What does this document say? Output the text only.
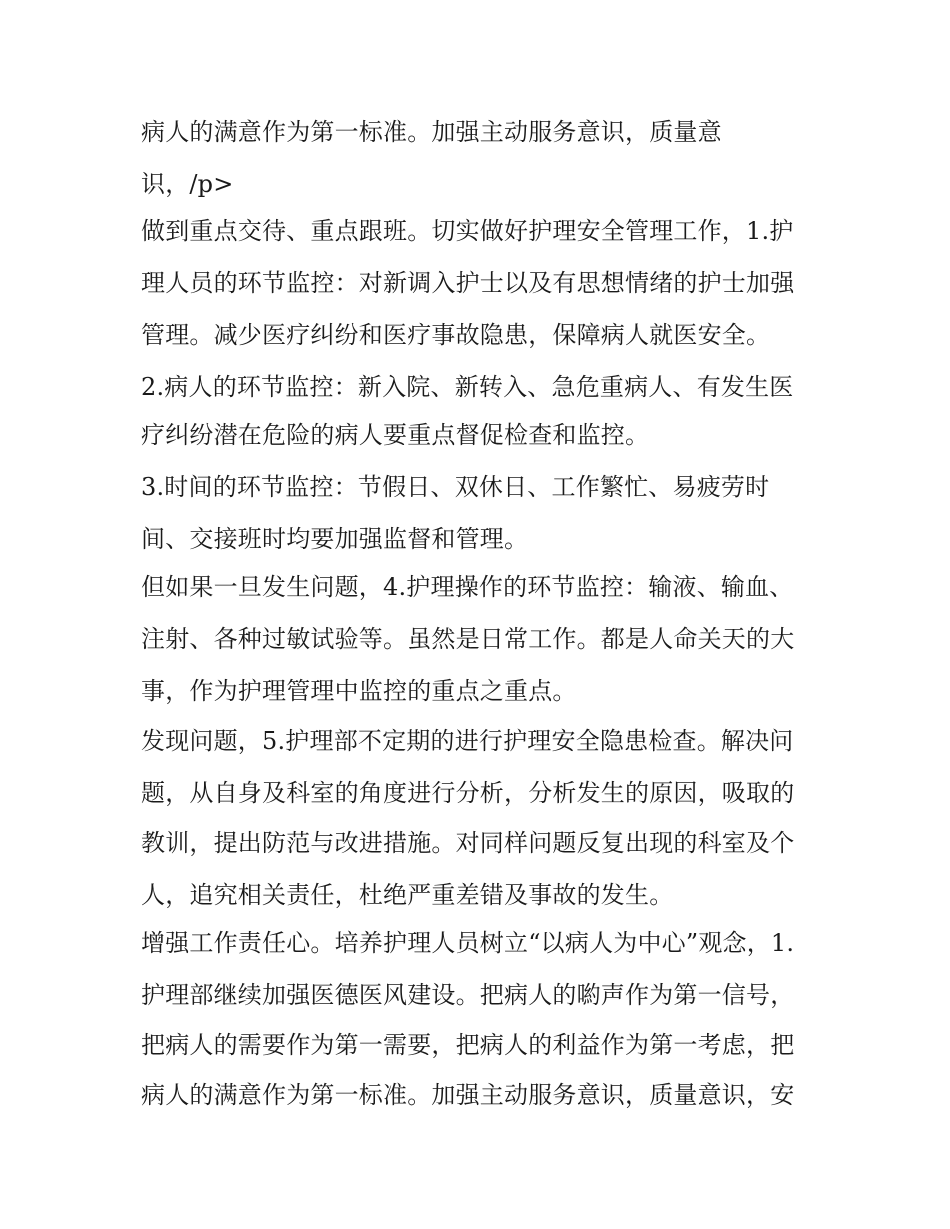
病人的满意作为第一标准。加强主动服务意识，质量意
识，/p>
做到重点交待、重点跟班。切实做好护理安全管理工作，1.护
理人员的环节监控：对新调入护士以及有思想情绪的护士加强
管理。减少医疗纠纷和医疗事故隐患，保障病人就医安全。
2.病人的环节监控：新入院、新转入、急危重病人、有发生医
疗纠纷潜在危险的病人要重点督促检查和监控。
3.时间的环节监控：节假日、双休日、工作繁忙、易疲劳时
间、交接班时均要加强监督和管理。
但如果一旦发生问题，4.护理操作的环节监控：输液、输血、
注射、各种过敏试验等。虽然是日常工作。都是人命关天的大
事，作为护理管理中监控的重点之重点。
发现问题，5.护理部不定期的进行护理安全隐患检查。解决问
题，从自身及科室的角度进行分析，分析发生的原因，吸取的
教训，提出防范与改进措施。对同样问题反复出现的科室及个
人，追究相关责任，杜绝严重差错及事故的发生。
增强工作责任心。培养护理人员树立“以病人为中心”观念，1.
护理部继续加强医德医风建设。把病人的喲声作为第一信号，
把病人的需要作为第一需要，把病人的利益作为第一考虑，把
病人的满意作为第一标准。加强主动服务意识，质量意识，安
